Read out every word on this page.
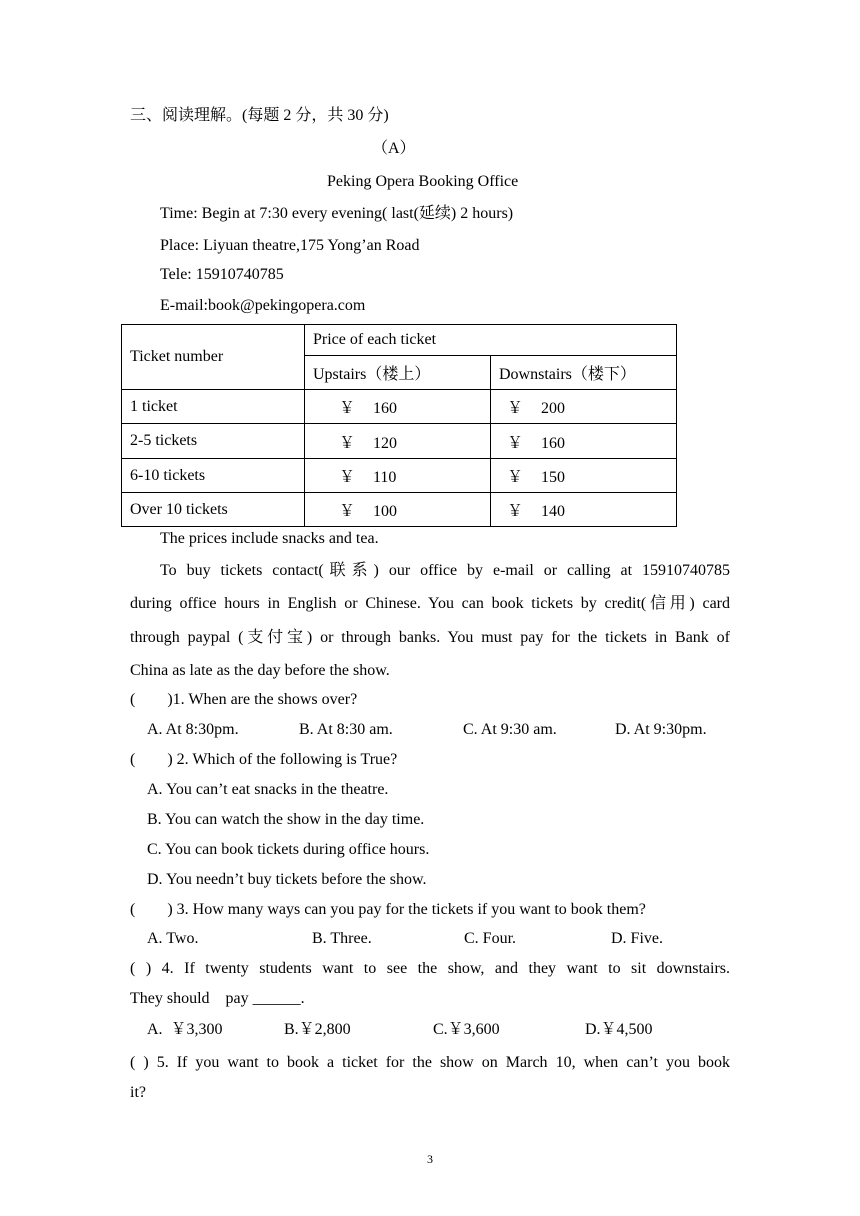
三、阅读理解。(每题 2 分，共 30 分)
（A）
Peking Opera Booking Office
Time: Begin at 7:30 every evening( last(延续) 2 hours)
Place: Liyuan theatre,175 Yong’an Road
Tele: 15910740785
E-mail:book@pekingopera.com
Ticket number	Price of each ticket	
	Upstairs（楼上）	Downstairs（楼下）
1 ticket	￥ 160	￥ 200
2-5 tickets	￥ 120	￥ 160
6-10 tickets	￥ 110	￥ 150
Over 10 tickets	￥ 100	￥ 140
The prices include snacks and tea.
To buy tickets contact(联系) our office by e-mail or calling at 15910740785
during office hours in English or Chinese. You can book tickets by credit(信用) card
through paypal (支付宝) or through banks. You must pay for the tickets in Bank of
China as late as the day before the show.
(        )1. When are the shows over?
A. At 8:30pm.	B. At 8:30 am.	C. At 9:30 am.	D. At 9:30pm.
(        ) 2. Which of the following is True?
A. You can’t eat snacks in the theatre.
B. You can watch the show in the day time.
C. You can book tickets during office hours.
D. You needn’t buy tickets before the show.
(        ) 3. How many ways can you pay for the tickets if you want to book them?
A. Two.	B. Three.	C. Four.	D. Five.
( ) 4. If twenty students want to see the show, and they want to sit downstairs.
They should    pay ______.
A.  ￥3,300	B.￥2,800	C.￥3,600	D.￥4,500
( ) 5. If you want to book a ticket for the show on March 10, when can’t you book
it?
3
